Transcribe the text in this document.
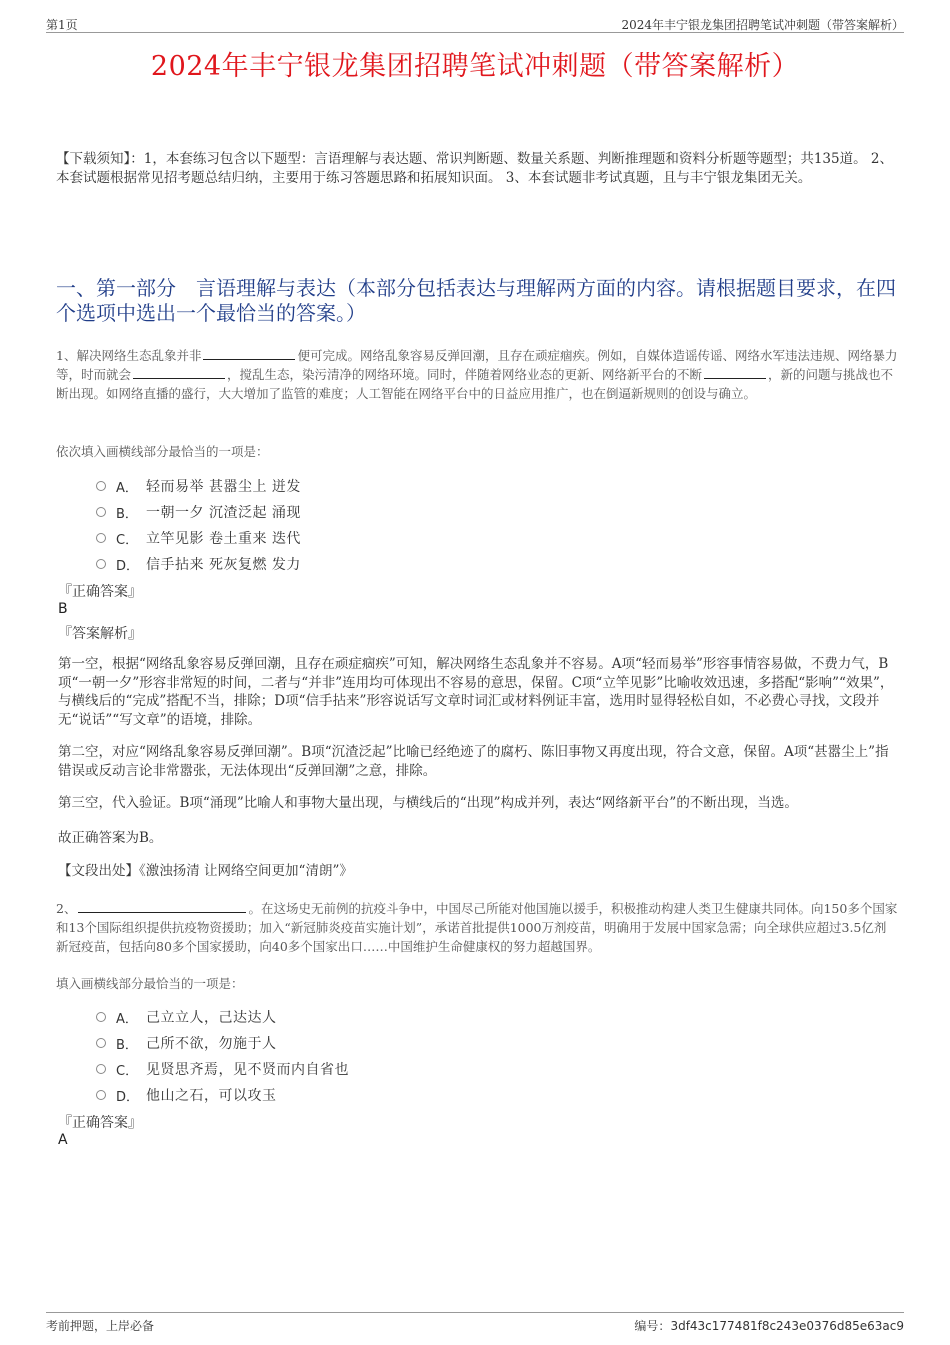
第1页	2024年丰宁银龙集团招聘笔试冲刺题（带答案解析）
2024年丰宁银龙集团招聘笔试冲刺题（带答案解析）
【下载须知】：1，本套练习包含以下题型：言语理解与表达题、常识判断题、数量关系题、判断推理题和资料分析题等题型；共135道。 2、本套试题根据常见招考题总结归纳，主要用于练习答题思路和拓展知识面。 3、本套试题非考试真题，且与丰宁银龙集团无关。
一、第一部分　言语理解与表达（本部分包括表达与理解两方面的内容。请根据题目要求，在四个选项中选出一个最恰当的答案。）
1、解决网络生态乱象并非	便可完成。网络乱象容易反弹回潮，且存在顽症痼疾。例如，自媒体造谣传谣、网络水军违法违规、网络暴力等，时而就会	，搅乱生态，染污清净的网络环境。同时，伴随着网络业态的更新、网络新平台的不断	，新的问题与挑战也不断出现。如网络直播的盛行，大大增加了监管的难度；人工智能在网络平台中的日益应用推广，也在倒逼新规则的创设与确立。
依次填入画横线部分最恰当的一项是：
A． 轻而易举 甚嚣尘上 迸发
B． 一朝一夕 沉渣泛起 涌现
C． 立竿见影 卷土重来 迭代
D． 信手拈来 死灰复燃 发力
『正确答案』
B
『答案解析』
第一空，根据“网络乱象容易反弹回潮，且存在顽症痼疾”可知，解决网络生态乱象并不容易。A项“轻而易举”形容事情容易做，不费力气，B项“一朝一夕”形容非常短的时间，二者与“并非”连用均可体现出不容易的意思，保留。C项“立竿见影”比喻收效迅速，多搭配“影响”“效果”，与横线后的“完成”搭配不当，排除；D项“信手拈来”形容说话写文章时词汇或材料例证丰富，选用时显得轻松自如，不必费心寻找，文段并无“说话”“写文章”的语境，排除。
第二空，对应“网络乱象容易反弹回潮”。B项“沉渣泛起”比喻已经绝迹了的腐朽、陈旧事物又再度出现，符合文意，保留。A项“甚嚣尘上”指错误或反动言论非常嚣张，无法体现出“反弹回潮”之意，排除。
第三空，代入验证。B项“涌现”比喻人和事物大量出现，与横线后的“出现”构成并列，表达“网络新平台”的不断出现，当选。
故正确答案为B。
【文段出处】《激浊扬清 让网络空间更加“清朗”》
2、	。在这场史无前例的抗疫斗争中，中国尽己所能对他国施以援手，积极推动构建人类卫生健康共同体。向150多个国家和13个国际组织提供抗疫物资援助；加入“新冠肺炎疫苗实施计划”，承诺首批提供1000万剂疫苗，明确用于发展中国家急需；向全球供应超过3.5亿剂新冠疫苗，包括向80多个国家援助，向40多个国家出口……中国维护生命健康权的努力超越国界。
填入画横线部分最恰当的一项是：
A． 己立立人，己达达人
B． 己所不欲，勿施于人
C． 见贤思齐焉，见不贤而内自省也
D． 他山之石，可以攻玉
『正确答案』
A
考前押题，上岸必备	编号：3df43c177481f8c243e0376d85e63ac9
